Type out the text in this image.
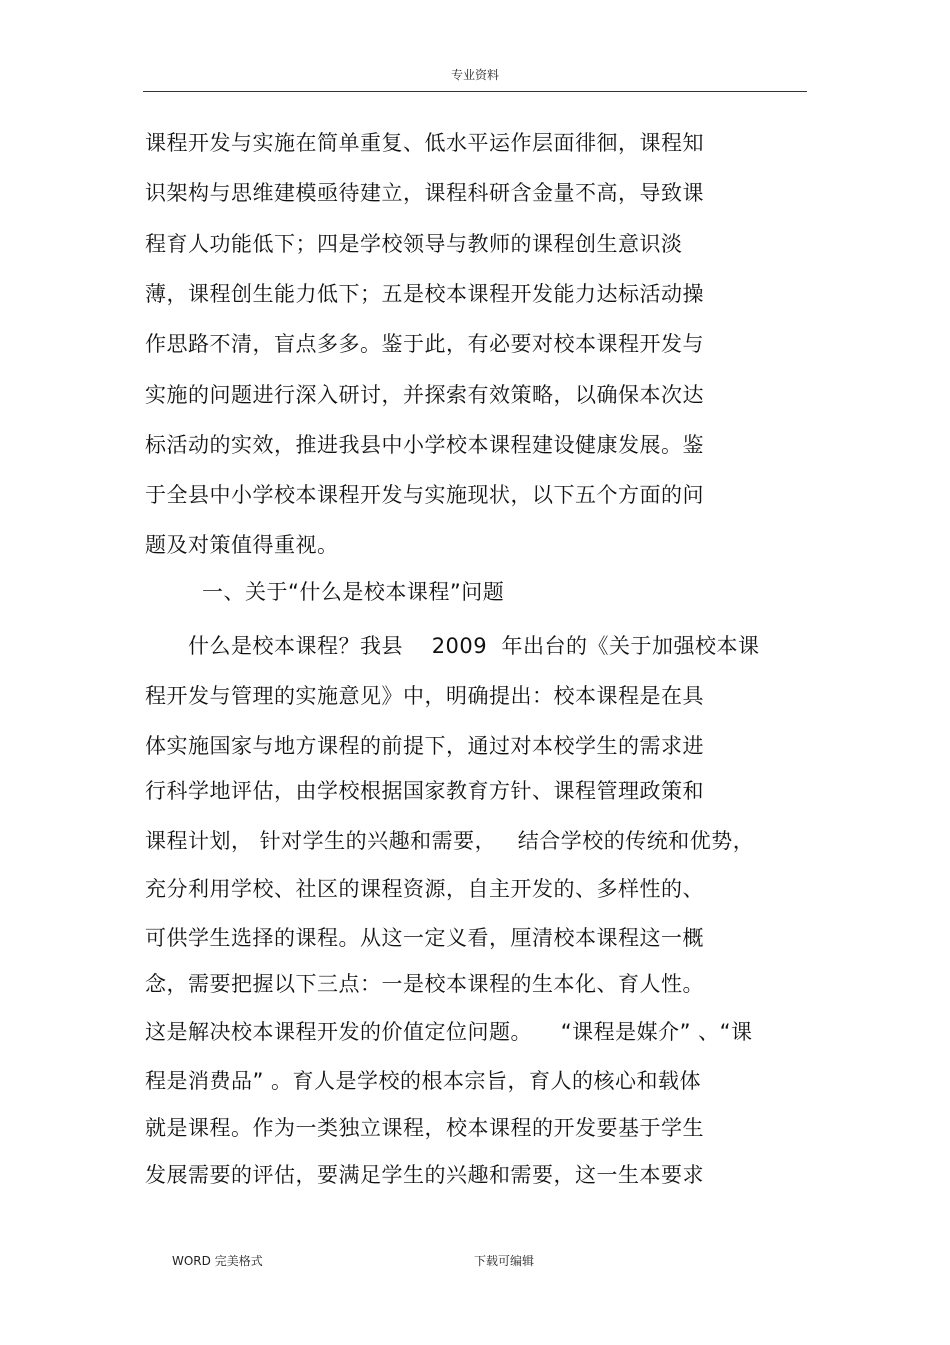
专业资料
课程开发与实施在简单重复、低水平运作层面徘徊，课程知
识架构与思维建模亟待建立，课程科研含金量不高，导致课
程育人功能低下；四是学校领导与教师的课程创生意识淡
薄，课程创生能力低下；五是校本课程开发能力达标活动操
作思路不清，盲点多多。鉴于此，有必要对校本课程开发与
实施的问题进行深入研讨，并探索有效策略，以确保本次达
标活动的实效，推进我县中小学校本课程建设健康发展。鉴
于全县中小学校本课程开发与实施现状，以下五个方面的问
题及对策值得重视。
一、关于“什么是校本课程”问题
什么是校本课程？我县    2009  年出台的《关于加强校本课
程开发与管理的实施意见》中，明确提出：校本课程是在具
体实施国家与地方课程的前提下，通过对本校学生的需求进
行科学地评估，由学校根据国家教育方针、课程管理政策和
课程计划， 针对学生的兴趣和需要，   结合学校的传统和优势，
充分利用学校、社区的课程资源，自主开发的、多样性的、
可供学生选择的课程。从这一定义看，厘清校本课程这一概
念，需要把握以下三点：一是校本课程的生本化、育人性。
这是解决校本课程开发的价值定位问题。    “课程是媒介” 、“课
程是消费品” 。育人是学校的根本宗旨，育人的核心和载体
就是课程。作为一类独立课程，校本课程的开发要基于学生
发展需要的评估，要满足学生的兴趣和需要，这一生本要求
WORD 完美格式	下载可编辑
